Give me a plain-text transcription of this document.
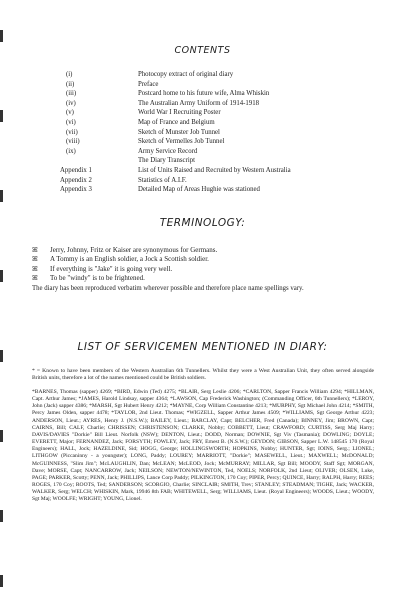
CONTENTS
(i)	Photocopy extract of original diary
(ii)	Preface
(iii)	Postcard home to his future wife, Alma Whiskin
(iv)	The Australian Army Uniform of 1914-1918
(v)	World War I Recruiting Poster
(vi)	Map of France and Belgium
(vii)	Sketch of Munster Job Tunnel
(viii)	Sketch of Vermelles Job Tunnel
(ix)	Army Service Record
The Diary Transcript
Appendix 1	List of Units Raised and Recruited by Western Australia
Appendix 2	Statistics of A.I.F.
Appendix 3	Detailed Map of Areas Hughie was stationed
TERMINOLOGY:
ꕤ	Jerry, Johnny, Fritz or Kaiser are synonymous for Germans.
ꕤ	A Tommy is an English soldier, a Jock a Scottish soldier.
ꕤ	If everything is "Jake" it is going very well.
ꕤ	To be "windy" is to be frightened.
The diary has been reproduced verbatim wherever possible and therefore place name spellings vary.
LIST OF SERVICEMEN MENTIONED IN DIARY:
* = Known to have been members of the Western Australian 6th Tunnellers. Whilst they were a West Australian Unit, they often served alongside British units, therefore a lot of the names mentioned could be British soldiers.
*BARNES, Thomas (sapper) 4269; *BIRD, Edwin (Ted) 4275; *BLAIR, Serg Leslie 4206; *CARLTON, Sapper Francis William 4294; *HILLMAN, Capt. Arthur James; *JAMES, Harold Lindsay, sapper 4364; *LAWSON, Cap Frederick Washington; (Commanding Officer, 6th Tunnellers); *LEROY, John (Jack) sapper 4386; *MARSH, Sgt Hubert Henry 4212; *MAYNE, Corp William Constantine 4213; *MURPHY, Sgt Michael John 4214; *SMITH, Percy James Olden, sapper 4478; *TAYLOR, 2nd Lieut. Thomas; *WIGZELL, Sapper Arthur James 4509; *WILLIAMS, Sgt George Arthur 4223; ANDERSON, Lieut.; AYRES, Henry J. (N.S.W.); BAILEY, Lieut.; BARCLAY, Capt; BELCHER, Fred (Canada); BINNEY, Jim; BROWN, Capt; CAIRNS, Bill; CALF, Charlie; CHRISSEN; CHRISTENSON; CLARKE, Nobby; COBBETT, Lieut; CRAWFORD; CURTISS, Serg Maj Harry; DAVIS/DAVIES "Dorkie" Bill Lieut. Norfolk (NSW); DENTON, Lieut.; DODD, Norman; DOWNIE, Sgt Viv (Tasmania); DOWLING; DOYLE; EVERETT, Major; FERNANDEZ, Jack; FORSYTH; FOWLEY, Jack; FRY, Ernest B. (N.S.W.); GEYDON; GIBSON, Sapper L.W. 148545 170 (Royal Engineers); HALL, Jock; HAZELDINE, Sid; HOGG, George; HOLLINGSWORTH; HOPKINS, Nobby; HUNTER, Sgt; IOINS, Serg.; LIONEL; LITHGOW (Piccaninny - a youngster); LONG, Paddy; LOUREY; MARRIOTT, "Dorkie"; MASEWELL, Lieut.; MAXWELL; McDONALD; McGUINNESS, "Slim Jim"; McLAUGHLIN, Dan; McLEAN; McLEOD, Jock; McMURRAY; MILLAR, Sgt Bill; MOODY, Staff Sgt; MORGAN, Dave; MORSE, Capt; NANCARROW, Jack; NEILSON; NEWTON/NEWINTON, Ted, NOELS; NORFOLK, 2nd Lieut; OLIVER; OLSEN, Luke, PAGE; PARKER, Scotty; PENN, Jack; PHILLIPS, Lance Corp Paddy; PILKINGTON, 170 Coy; PIPER, Percy; QUINCE, Harry; RALPH, Harry; REES; ROGES, 170 Coy; ROOTS, Ted; SANDERSON; SCORGIO, Charlie; SINCLAIR; SMITH, Trev; STANLEY; STEADMAN; TIGHE, Jack; WACKER, WALKER, Serg; WELCH; WHISKIN, Mark, 19946 8th FAB; WHITEWELL, Serg; WILLIAMS, Lieut. (Royal Engineers); WOODS, Lieut.; WOODY, Sgt Maj; WOOLFE; WRIGHT; YOUNG, Lionel.
